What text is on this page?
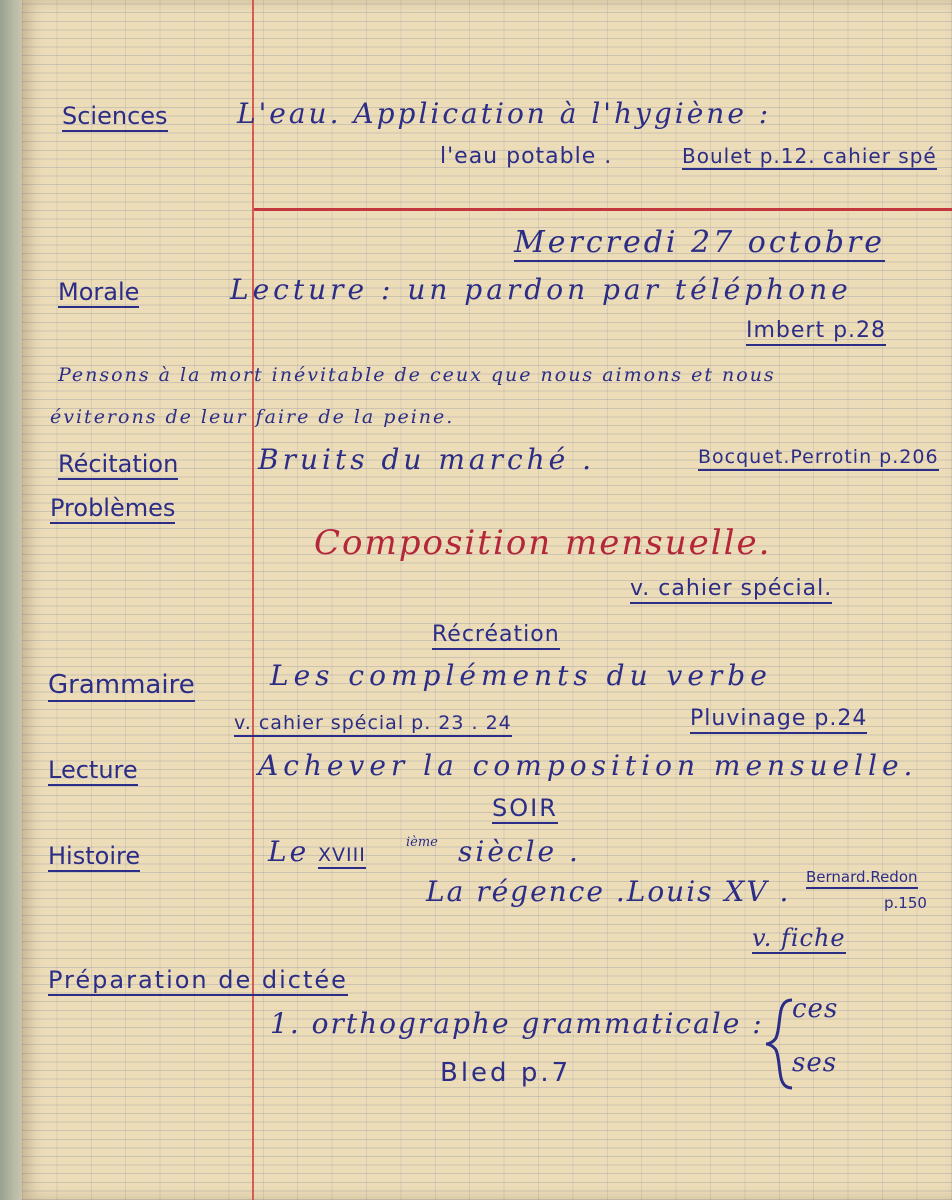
Sciences L'eau. Application à l'hygiène :
l'eau potable .	Boulet p.12. cahier spé
Mercredi 27 octobre
Morale	Lecture : un pardon par téléphone
Imbert p.28
Pensons à la mort inévitable de ceux que nous aimons et nous
éviterons de leur faire de la peine.
Récitation	Bruits du marché .	Bocquet.Perrotin p.206
Problèmes
Composition mensuelle.
v. cahier spécial.
Récréation
Grammaire	Les compléments du verbe
v. cahier spécial p. 23 . 24	Pluvinage p.24
Lecture	Achever la composition mensuelle.
SOIR
Histoire	Le XVIII
ième siècle .
La régence .Louis XV . Bernard.Redon
p.150
v. fiche
Préparation de dictée
1. orthographe grammaticale :
Bled p.7
ces
ses
